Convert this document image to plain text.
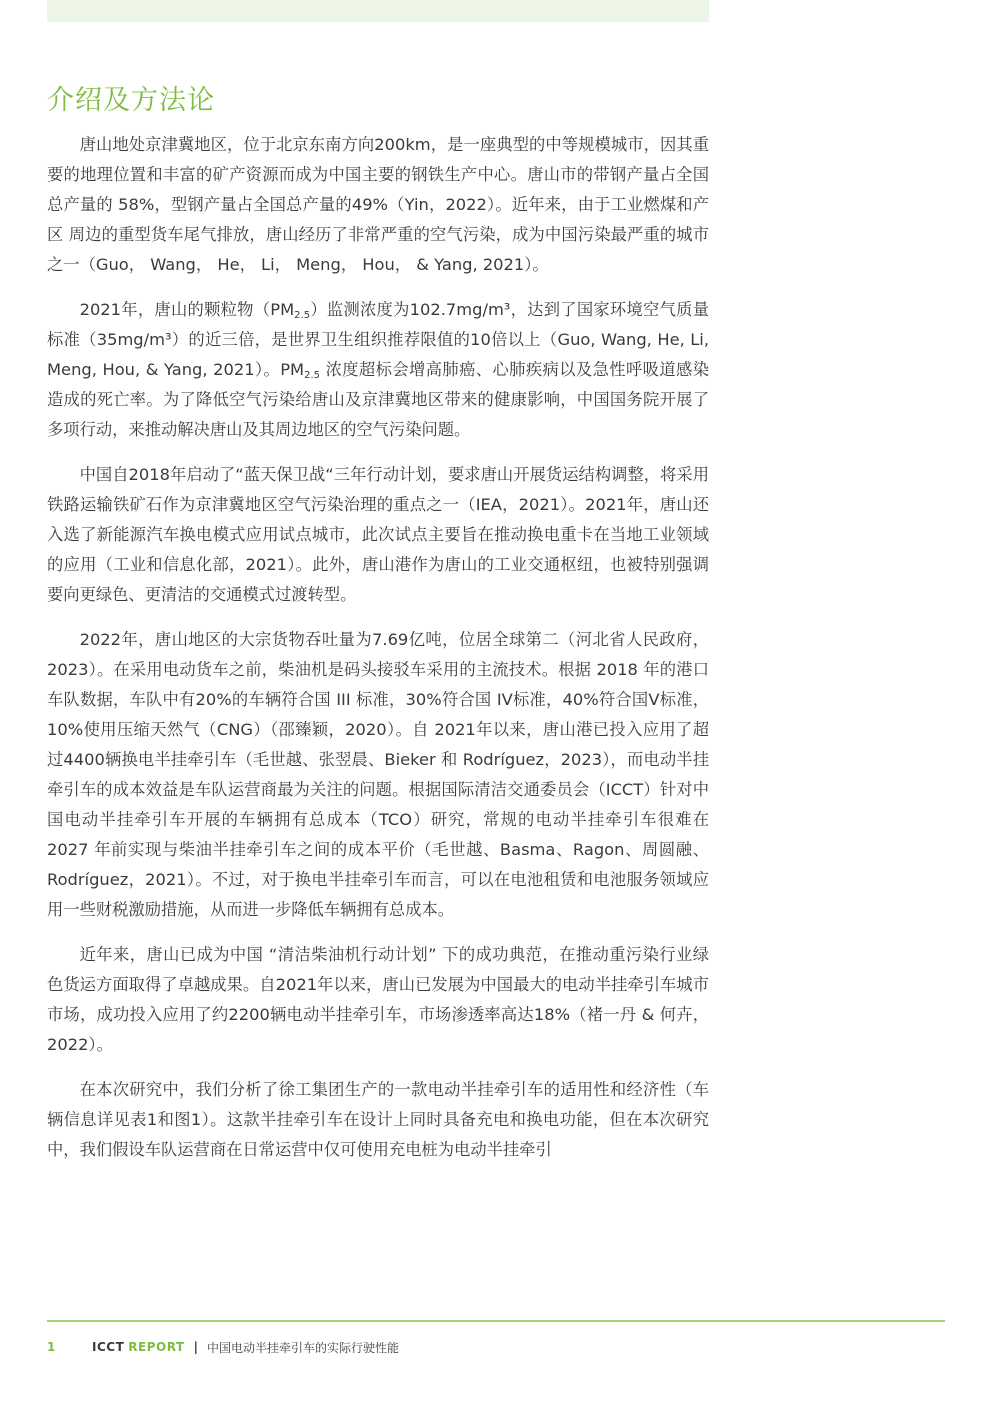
介绍及方法论

唐山地处京津冀地区，位于北京东南方向200km，是一座典型的中等规模城市，因其重要的地理位置和丰富的矿产资源而成为中国主要的钢铁生产中心。唐山市的带钢产量占全国总产量的 58%，型钢产量占全国总产量的49%（Yin，2022）。近年来，由于工业燃煤和产区 周边的重型货车尾气排放，唐山经历了非常严重的空气污染，成为中国污染最严重的城市之一（Guo， Wang， He， Li， Meng， Hou， & Yang, 2021）。

2021年，唐山的颗粒物$(PM_{2.5})$监测浓度为102.7mg/m³，达到了国家环境空气质量标准（35mg/m³）的近三倍，是世界卫生组织推荐限值的10倍以上（Guo, Wang, He, Li, Meng, Hou, & Yang, 2021）。$PM_{2.5}$ 浓度超标会增高肺癌、心肺疾病以及急性呼吸道感染造成的死亡率。为了降低空气污染给唐山及京津冀地区带来的健康影响，中国国务院开展了多项行动，来推动解决唐山及其周边地区的空气污染问题。

中国自2018年启动了“蓝天保卫战“三年行动计划，要求唐山开展货运结构调整，将采用铁路运输铁矿石作为京津冀地区空气污染治理的重点之一（IEA，2021）。2021年，唐山还入选了新能源汽车换电模式应用试点城市，此次试点主要旨在推动换电重卡在当地工业领域的应用（工业和信息化部，2021）。此外，唐山港作为唐山的工业交通枢纽，也被特别强调要向更绿色、更清洁的交通模式过渡转型。

2022年，唐山地区的大宗货物吞吐量为7.69亿吨，位居全球第二（河北省人民政府，2023）。在采用电动货车之前，柴油机是码头接驳车采用的主流技术。根据 2018 年的港口车队数据，车队中有20%的车辆符合国 III 标准，30%符合国 IV标准，40%符合国V标准，10%使用压缩天然气（CNG）（邵臻颖，2020）。自 2021年以来，唐山港已投入应用了超过4400辆换电半挂牵引车（毛世越、张翌晨、Bieker 和 Rodríguez，2023），而电动半挂牵引车的成本效益是车队运营商最为关注的问题。根据国际清洁交通委员会（ICCT）针对中国电动半挂牵引车开展的车辆拥有总成本（TCO）研究，常规的电动半挂牵引车很难在 2027 年前实现与柴油半挂牵引车之间的成本平价（毛世越、Basma、Ragon、周圆融、Rodríguez，2021）。不过，对于换电半挂牵引车而言，可以在电池租赁和电池服务领域应用一些财税激励措施，从而进一步降低车辆拥有总成本。

近年来，唐山已成为中国 “清洁柴油机行动计划” 下的成功典范，在推动重污染行业绿色货运方面取得了卓越成果。自2021年以来，唐山已发展为中国最大的电动半挂牵引车城市市场，成功投入应用了约2200辆电动半挂牵引车，市场渗透率高达18%（褚一丹 & 何卉，2022）。

在本次研究中，我们分析了徐工集团生产的一款电动半挂牵引车的适用性和经济性（车辆信息详见表1和图1）。这款半挂牵引车在设计上同时具备充电和换电功能，但在本次研究中，我们假设车队运营商在日常运营中仅可使用充电桩为电动半挂牵引

1	ICCT REPORT | 中国电动半挂牵引车的实际行驶性能
